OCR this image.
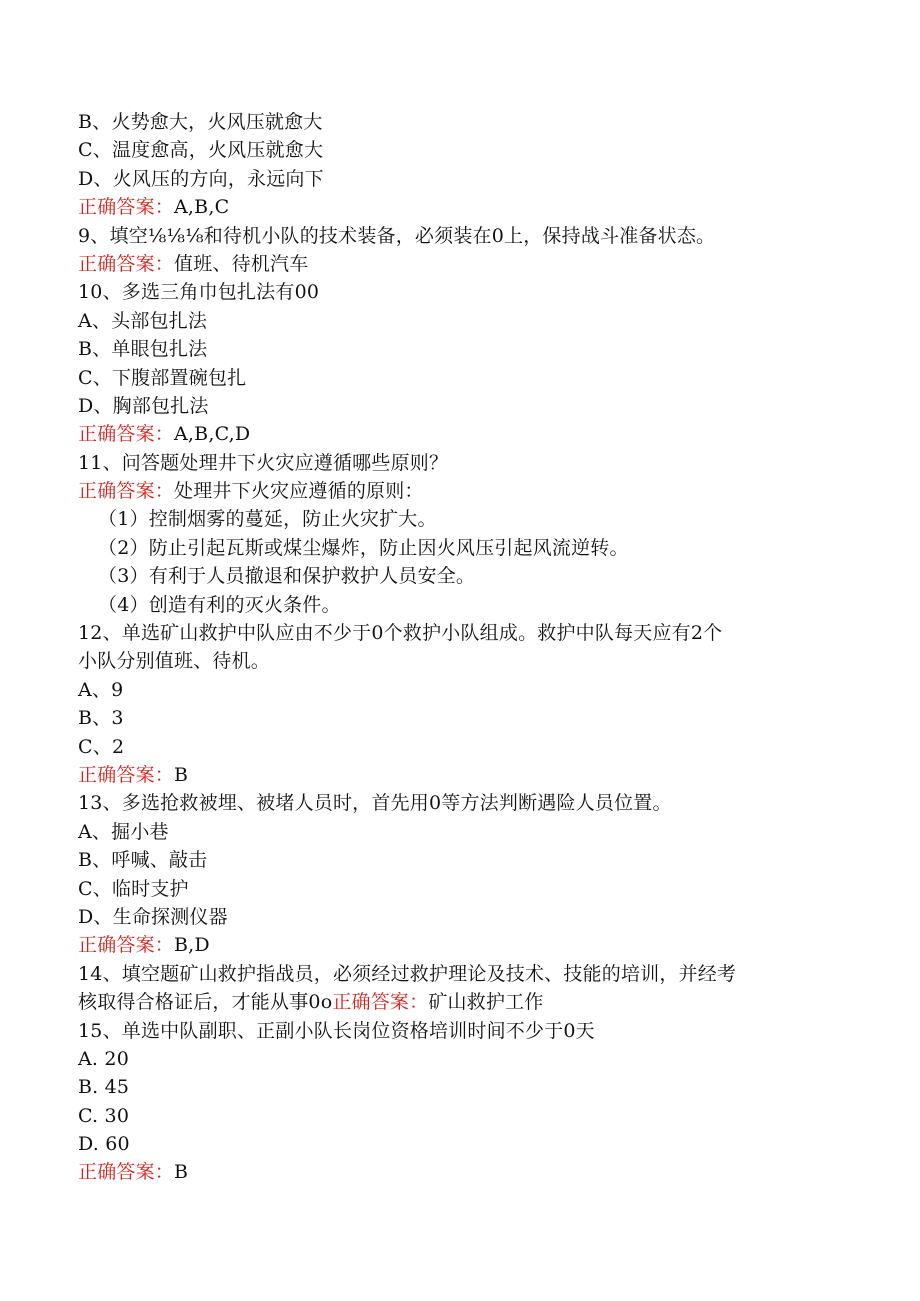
B、火势愈大，火风压就愈大
C、温度愈高，火风压就愈大
D、火风压的方向，永远向下
正确答案：A,B,C
9、填空⅛⅛⅛和待机小队的技术装备，必须装在0上，保持战斗准备状态。
正确答案：值班、待机汽车
10、多选三角巾包扎法有00
A、头部包扎法
B、单眼包扎法
C、下腹部置碗包扎
D、胸部包扎法
正确答案：A,B,C,D
11、问答题处理井下火灾应遵循哪些原则？
正确答案：处理井下火灾应遵循的原则：
（1）控制烟雾的蔓延，防止火灾扩大。
（2）防止引起瓦斯或煤尘爆炸，防止因火风压引起风流逆转。
（3）有利于人员撤退和保护救护人员安全。
（4）创造有利的灭火条件。
12、单选矿山救护中队应由不少于0个救护小队组成。救护中队每天应有2个
小队分别值班、待机。
A、9
B、3
C、2
正确答案：B
13、多选抢救被埋、被堵人员时，首先用0等方法判断遇险人员位置。
A、掘小巷
B、呼喊、敲击
C、临时支护
D、生命探测仪器
正确答案：B,D
14、填空题矿山救护指战员，必须经过救护理论及技术、技能的培训，并经考
核取得合格证后，才能从事0o正确答案：矿山救护工作
15、单选中队副职、正副小队长岗位资格培训时间不少于0天
A. 20
B. 45
C. 30
D. 60
正确答案：B
